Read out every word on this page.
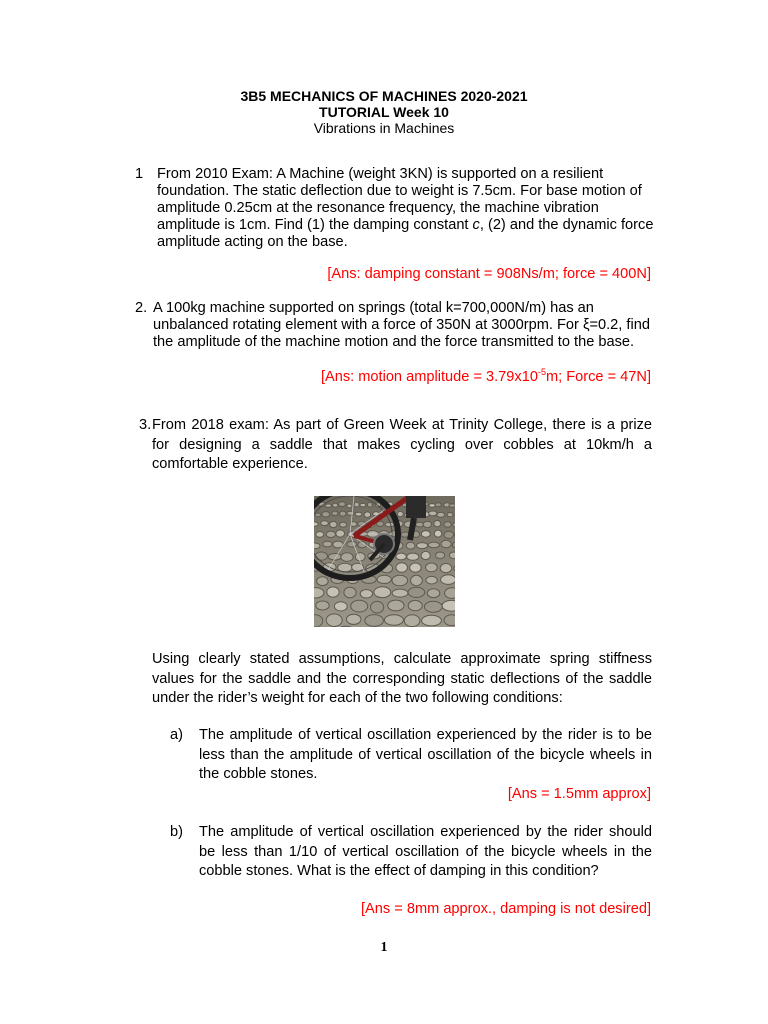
3B5 MECHANICS OF MACHINES 2020-2021
TUTORIAL Week 10
Vibrations in Machines
1 From 2010 Exam: A Machine (weight 3KN) is supported on a resilient foundation. The static deflection due to weight is 7.5cm. For base motion of amplitude 0.25cm at the resonance frequency, the machine vibration amplitude is 1cm. Find (1) the damping constant c, (2) and the dynamic force amplitude acting on the base.
[Ans: damping constant = 908Ns/m; force = 400N]
2. A 100kg machine supported on springs (total k=700,000N/m) has an unbalanced rotating element with a force of 350N at 3000rpm. For ξ=0.2, find the amplitude of the machine motion and the force transmitted to the base.
[Ans: motion amplitude = $3.79x10^{-5}m$; Force = 47N]
3. From 2018 exam: As part of Green Week at Trinity College, there is a prize for designing a saddle that makes cycling over cobbles at 10km/h a comfortable experience.
Using clearly stated assumptions, calculate approximate spring stiffness values for the saddle and the corresponding static deflections of the saddle under the rider’s weight for each of the two following conditions:
a) The amplitude of vertical oscillation experienced by the rider is to be less than the amplitude of vertical oscillation of the bicycle wheels in the cobble stones.
[Ans = 1.5mm approx]
b) The amplitude of vertical oscillation experienced by the rider should be less than 1/10 of vertical oscillation of the bicycle wheels in the cobble stones. What is the effect of damping in this condition?
[Ans = 8mm approx., damping is not desired]
1
